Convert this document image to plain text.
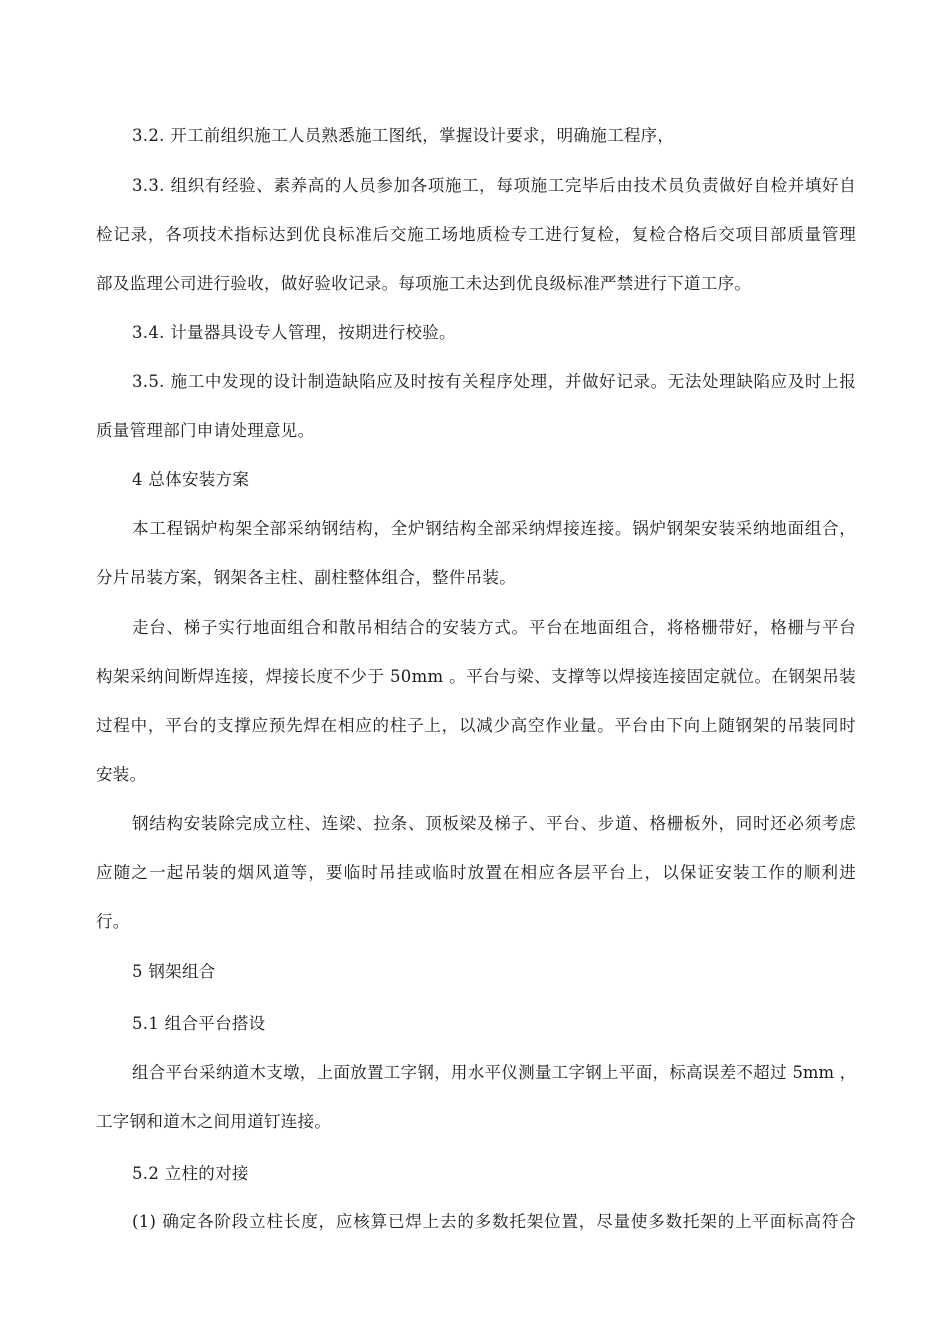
3.2. 开工前组织施工人员熟悉施工图纸，掌握设计要求，明确施工程序，
3.3. 组织有经验、素养高的人员参加各项施工，每项施工完毕后由技术员负责做好自检并填好自
检记录，各项技术指标达到优良标准后交施工场地质检专工进行复检，复检合格后交项目部质量管理
部及监理公司进行验收，做好验收记录。每项施工未达到优良级标准严禁进行下道工序。
3.4. 计量器具设专人管理，按期进行校验。
3.5. 施工中发现的设计制造缺陷应及时按有关程序处理，并做好记录。无法处理缺陷应及时上报
质量管理部门申请处理意见。
4 总体安装方案
本工程锅炉构架全部采纳钢结构，全炉钢结构全部采纳焊接连接。锅炉钢架安装采纳地面组合，
分片吊装方案，钢架各主柱、副柱整体组合，整件吊装。
走台、梯子实行地面组合和散吊相结合的安装方式。平台在地面组合，将格栅带好，格栅与平台
构架采纳间断焊连接，焊接长度不少于 50mm 。平台与梁、支撑等以焊接连接固定就位。在钢架吊装
过程中，平台的支撑应预先焊在相应的柱子上，以减少高空作业量。平台由下向上随钢架的吊装同时
安装。
钢结构安装除完成立柱、连梁、拉条、顶板梁及梯子、平台、步道、格栅板外，同时还必须考虑
应随之一起吊装的烟风道等，要临时吊挂或临时放置在相应各层平台上，以保证安装工作的顺利进
行。
5 钢架组合
5.1 组合平台搭设
组合平台采纳道木支墩，上面放置工字钢，用水平仪测量工字钢上平面，标高误差不超过 5mm ，
工字钢和道木之间用道钉连接。
5.2 立柱的对接
(1) 确定各阶段立柱长度，应核算已焊上去的多数托架位置，尽量使多数托架的上平面标高符合
